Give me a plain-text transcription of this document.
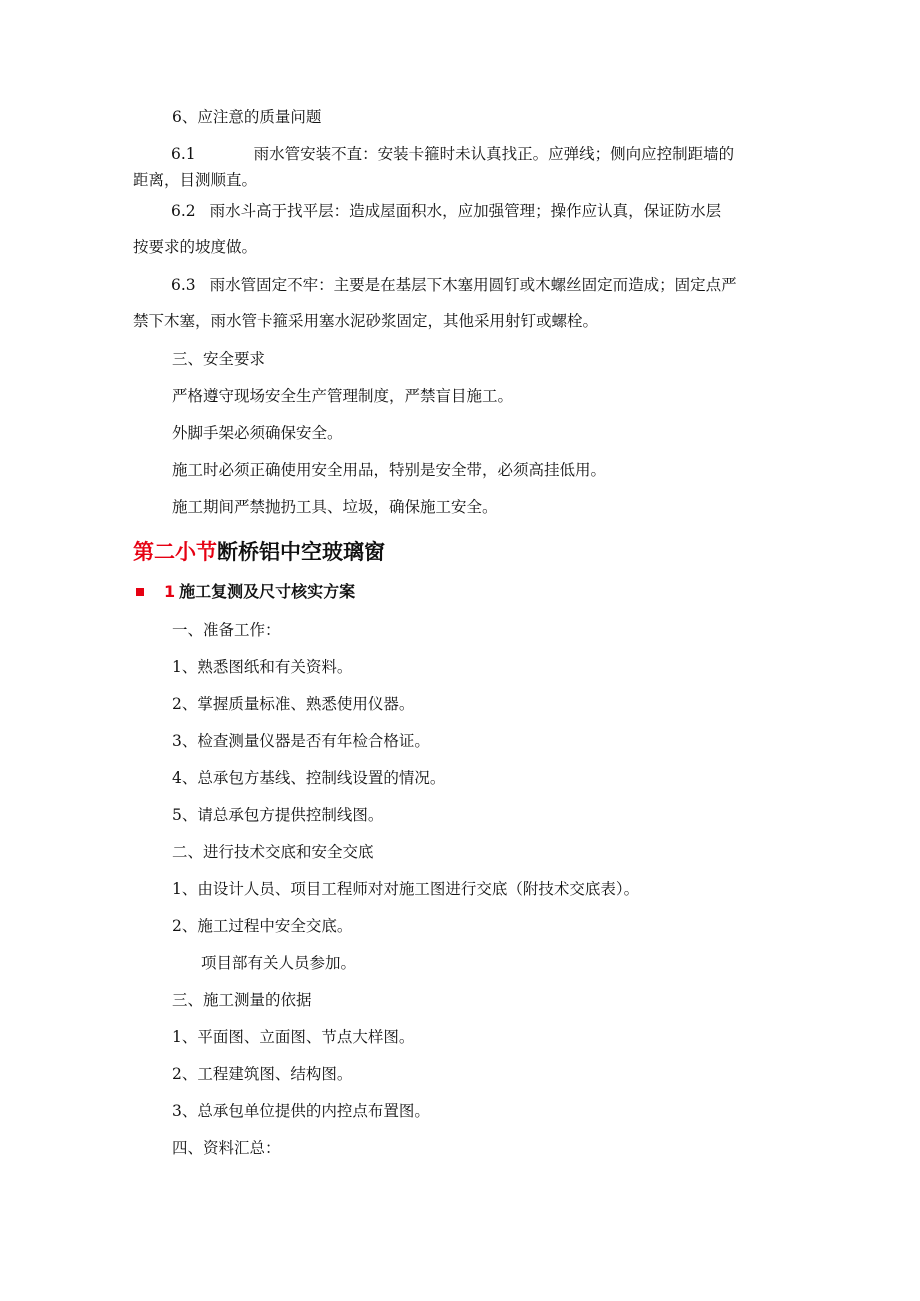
6、应注意的质量问题

6.1	雨水管安装不直：安装卡箍时未认真找正。应弹线；侧向应控制距墙的
距离，目测顺直。
6.2 雨水斗高于找平层：造成屋面积水，应加强管理；操作应认真，保证防水层
按要求的坡度做。
6.3 雨水管固定不牢：主要是在基层下木塞用圆钉或木螺丝固定而造成；固定点严
禁下木塞，雨水管卡箍采用塞水泥砂浆固定，其他采用射钉或螺栓。

三、安全要求

严格遵守现场安全生产管理制度，严禁盲目施工。

外脚手架必须确保安全。

施工时必须正确使用安全用品，特别是安全带，必须高挂低用。

施工期间严禁抛扔工具、垃圾，确保施工安全。

第二小节断桥铝中空玻璃窗
1 施工复测及尺寸核实方案

一、准备工作：

1、熟悉图纸和有关资料。

2、掌握质量标准、熟悉使用仪器。

3、检查测量仪器是否有年检合格证。

4、总承包方基线、控制线设置的情况。

5、请总承包方提供控制线图。

二、进行技术交底和安全交底

1、由设计人员、项目工程师对对施工图进行交底（附技术交底表）。

2、施工过程中安全交底。

项目部有关人员参加。

三、施工测量的依据

1、平面图、立面图、节点大样图。

2、工程建筑图、结构图。

3、总承包单位提供的内控点布置图。

四、资料汇总：
